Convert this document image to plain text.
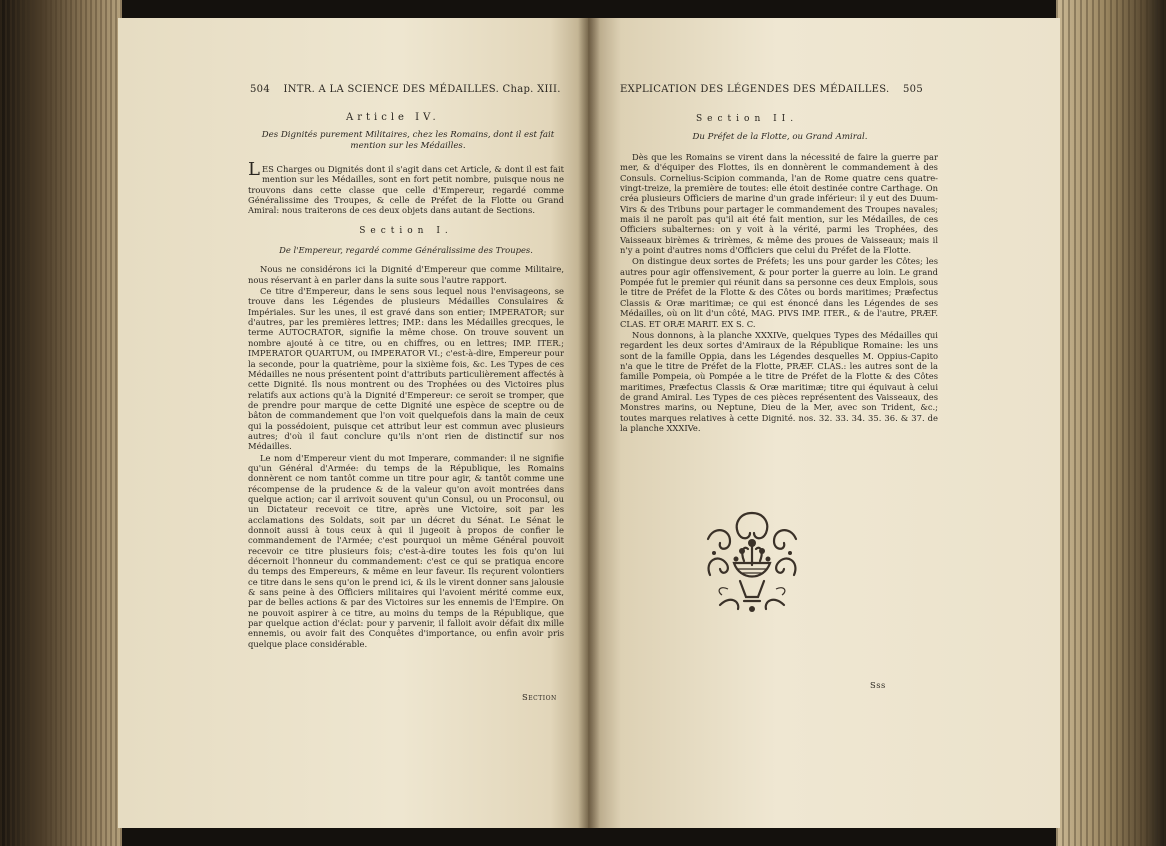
504 INTR. A LA SCIENCE DES MÉDAILLES. Chap. XIII.
Article IV.
Des Dignités purement Militaires, chez les Romains, dont il est fait mention sur les Médailles.
L ES Charges ou Dignités dont il s'agit dans cet Article, & dont il est fait mention sur les Médailles, sont en fort petit nombre, puisque nous ne trouvons dans cette classe que celle d'Empereur, regardé comme Généralissime des Troupes, & celle de Préfet de la Flotte ou Grand Amiral: nous traiterons de ces deux objets dans autant de Sections.
Section I.
De l'Empereur, regardé comme Généralissime des Troupes.

Nous ne considérons ici la Dignité d'Empereur que comme Militaire, nous réservant à en parler dans la suite sous l'autre rapport.

Ce titre d'Empereur, dans le sens sous lequel nous l'envisageons, se trouve dans les Légendes de plusieurs Médailles Consulaires & Impériales. Sur les unes, il est gravé dans son entier; IMPERATOR; sur d'autres, par les premières lettres; IMP.: dans les Médailles grecques, le terme AUTOCRATOR, signifie la même chose. On trouve souvent un nombre ajouté à ce titre, ou en chiffres, ou en lettres; IMP. ITER.; IMPERATOR QUARTUM, ou IMPERATOR VI.; c'est-à-dire, Empereur pour la seconde, pour la quatrième, pour la sixième fois, &c. Les Types de ces Médailles ne nous présentent point d'attributs particulièrement affectés à cette Dignité. Ils nous montrent ou des Trophées ou des Victoires plus relatifs aux actions qu'à la Dignité d'Empereur: ce seroit se tromper, que de prendre pour marque de cette Dignité une espèce de sceptre ou de bâton de commandement que l'on voit quelquefois dans la main de ceux qui la possédoient, puisque cet attribut leur est commun avec plusieurs autres; d'où il faut conclure qu'ils n'ont rien de distinctif sur nos Médailles.

Le nom d'Empereur vient du mot Imperare, commander: il ne signifie qu'un Général d'Armée: du temps de la République, les Romains donnèrent ce nom tantôt comme un titre pour agir, & tantôt comme une récompense de la prudence & de la valeur qu'on avoit montrées dans quelque action; car il arrivoit souvent qu'un Consul, ou un Proconsul, ou un Dictateur recevoit ce titre, après une Victoire, soit par les acclamations des Soldats, soit par un décret du Sénat. Le Sénat le donnoit aussi à tous ceux à qui il jugeoit à propos de confier le commandement de l'Armée; c'est pourquoi un même Général pouvoit recevoir ce titre plusieurs fois; c'est-à-dire toutes les fois qu'on lui décernoit l'honneur du commandement: c'est ce qui se pratiqua encore du temps des Empereurs, & même en leur faveur. Ils reçurent volontiers ce titre dans le sens qu'on le prend ici, & ils le virent donner sans jalousie & sans peine à des Officiers militaires qui l'avoient mérité comme eux, par de belles actions & par des Victoires sur les ennemis de l'Empire. On ne pouvoit aspirer à ce titre, au moins du temps de la République, que par quelque action d'éclat: pour y parvenir, il falloit avoir défait dix mille ennemis, ou avoir fait des Conquêtes d'importance, ou enfin avoir pris quelque place considérable.

Section
EXPLICATION DES LÉGENDES DES MÉDAILLES. 505
Section II.
Du Préfet de la Flotte, ou Grand Amiral.

Dès que les Romains se virent dans la nécessité de faire la guerre par mer, & d'équiper des Flottes, ils en donnèrent le commandement à des Consuls. Cornelius-Scipion commanda, l'an de Rome quatre cens quatre-vingt-treize, la première de toutes: elle étoit destinée contre Carthage. On créa plusieurs Officiers de marine d'un grade inférieur: il y eut des Duum-Virs & des Tribuns pour partager le commandement des Troupes navales; mais il ne paroît pas qu'il ait été fait mention, sur les Médailles, de ces Officiers subalternes: on y voit à la vérité, parmi les Trophées, des Vaisseaux birèmes & trirèmes, & même des proues de Vaisseaux; mais il n'y a point d'autres noms d'Officiers que celui du Préfet de la Flotte.

On distingue deux sortes de Préfets; les uns pour garder les Côtes; les autres pour agir offensivement, & pour porter la guerre au loin. Le grand Pompée fut le premier qui réunit dans sa personne ces deux Emplois, sous le titre de Préfet de la Flotte & des Côtes ou bords maritimes; Præfectus Classis & Oræ maritimæ; ce qui est énoncé dans les Légendes de ses Médailles, où on lit d'un côté, MAG. PIVS IMP. ITER., & de l'autre, PRÆF. CLAS. ET ORÆ MARIT. EX S. C.

Nous donnons, à la planche XXXIVe, quelques Types des Médailles qui regardent les deux sortes d'Amiraux de la République Romaine: les uns sont de la famille Oppia, dans les Légendes desquelles M. Oppius-Capito n'a que le titre de Préfet de la Flotte, PRÆF. CLAS.: les autres sont de la famille Pompeia, où Pompée a le titre de Préfet de la Flotte & des Côtes maritimes, Præfectus Classis & Oræ maritimæ; titre qui équivaut à celui de grand Amiral. Les Types de ces pièces représentent des Vaisseaux, des Monstres marins, ou Neptune, Dieu de la Mer, avec son Trident, &c.; toutes marques relatives à cette Dignité. nos. 32. 33. 34. 35. 36. & 37. de la planche XXXIVe.

Sss
